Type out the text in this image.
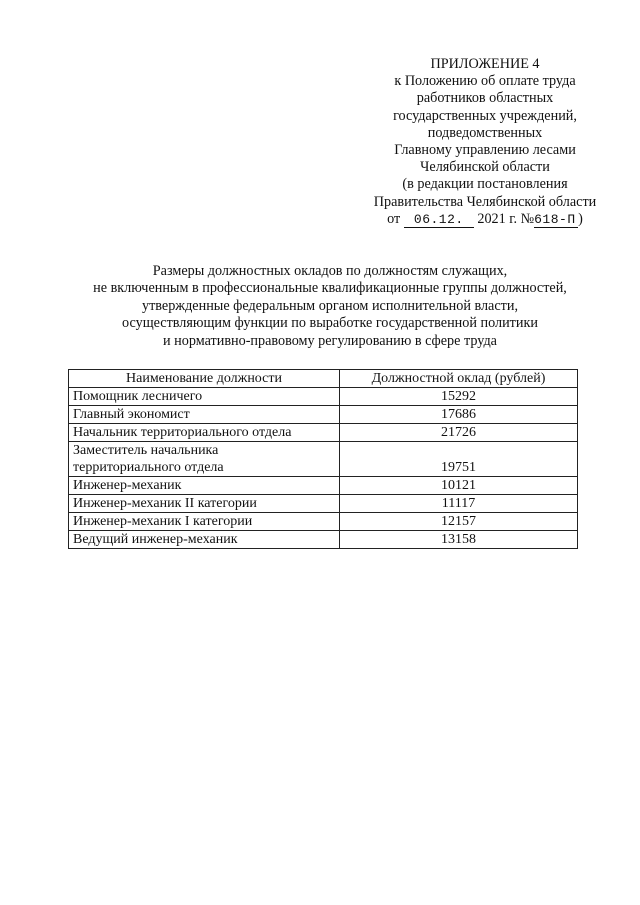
ПРИЛОЖЕНИЕ 4
к Положению об оплате труда
работников областных
государственных учреждений,
подведомственных
Главному управлению лесами
Челябинской области
(в редакции постановления
Правительства Челябинской области
от 06.12. 2021 г. №618-П )
Размеры должностных окладов по должностям служащих,
не включенным в профессиональные квалификационные группы должностей,
утвержденные федеральным органом исполнительной власти,
осуществляющим функции по выработке государственной политики
и нормативно-правовому регулированию в сфере труда
Наименование должности	Должностной оклад (рублей)
Помощник лесничего	15292
Главный экономист	17686
Начальник территориального отдела	21726

Заместитель начальника
территориального отдела	19751
Инженер-механик	10121
Инженер-механик II категории	11117
Инженер-механик I категории	12157
Ведущий инженер-механик	13158
